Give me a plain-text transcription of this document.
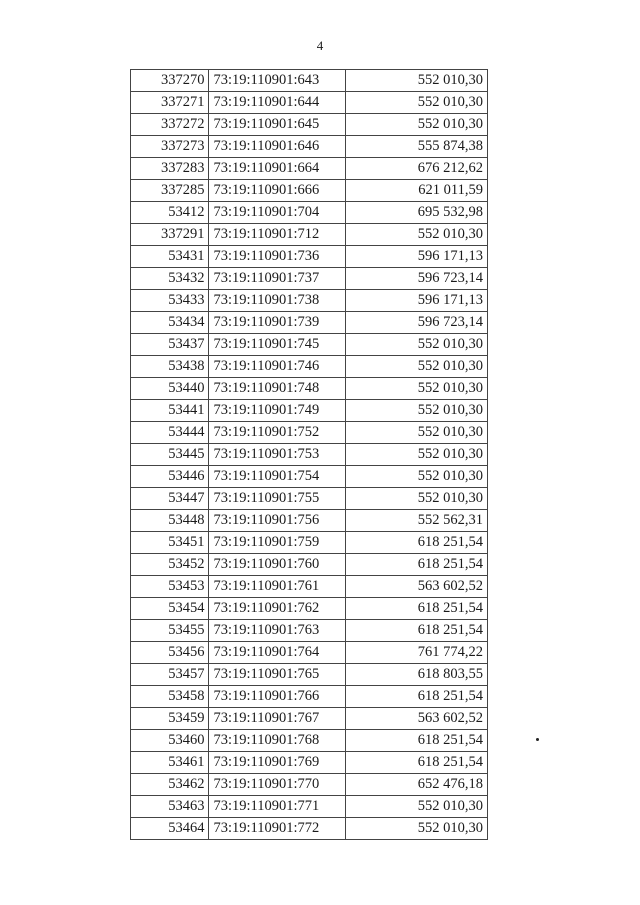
4
337270	73:19:110901:643	552 010,30
337271	73:19:110901:644	552 010,30
337272	73:19:110901:645	552 010,30
337273	73:19:110901:646	555 874,38
337283	73:19:110901:664	676 212,62
337285	73:19:110901:666	621 011,59
53412	73:19:110901:704	695 532,98
337291	73:19:110901:712	552 010,30
53431	73:19:110901:736	596 171,13
53432	73:19:110901:737	596 723,14
53433	73:19:110901:738	596 171,13
53434	73:19:110901:739	596 723,14
53437	73:19:110901:745	552 010,30
53438	73:19:110901:746	552 010,30
53440	73:19:110901:748	552 010,30
53441	73:19:110901:749	552 010,30
53444	73:19:110901:752	552 010,30
53445	73:19:110901:753	552 010,30
53446	73:19:110901:754	552 010,30
53447	73:19:110901:755	552 010,30
53448	73:19:110901:756	552 562,31
53451	73:19:110901:759	618 251,54
53452	73:19:110901:760	618 251,54
53453	73:19:110901:761	563 602,52
53454	73:19:110901:762	618 251,54
53455	73:19:110901:763	618 251,54
53456	73:19:110901:764	761 774,22
53457	73:19:110901:765	618 803,55
53458	73:19:110901:766	618 251,54
53459	73:19:110901:767	563 602,52
53460	73:19:110901:768	618 251,54
53461	73:19:110901:769	618 251,54
53462	73:19:110901:770	652 476,18
53463	73:19:110901:771	552 010,30
53464	73:19:110901:772	552 010,30
